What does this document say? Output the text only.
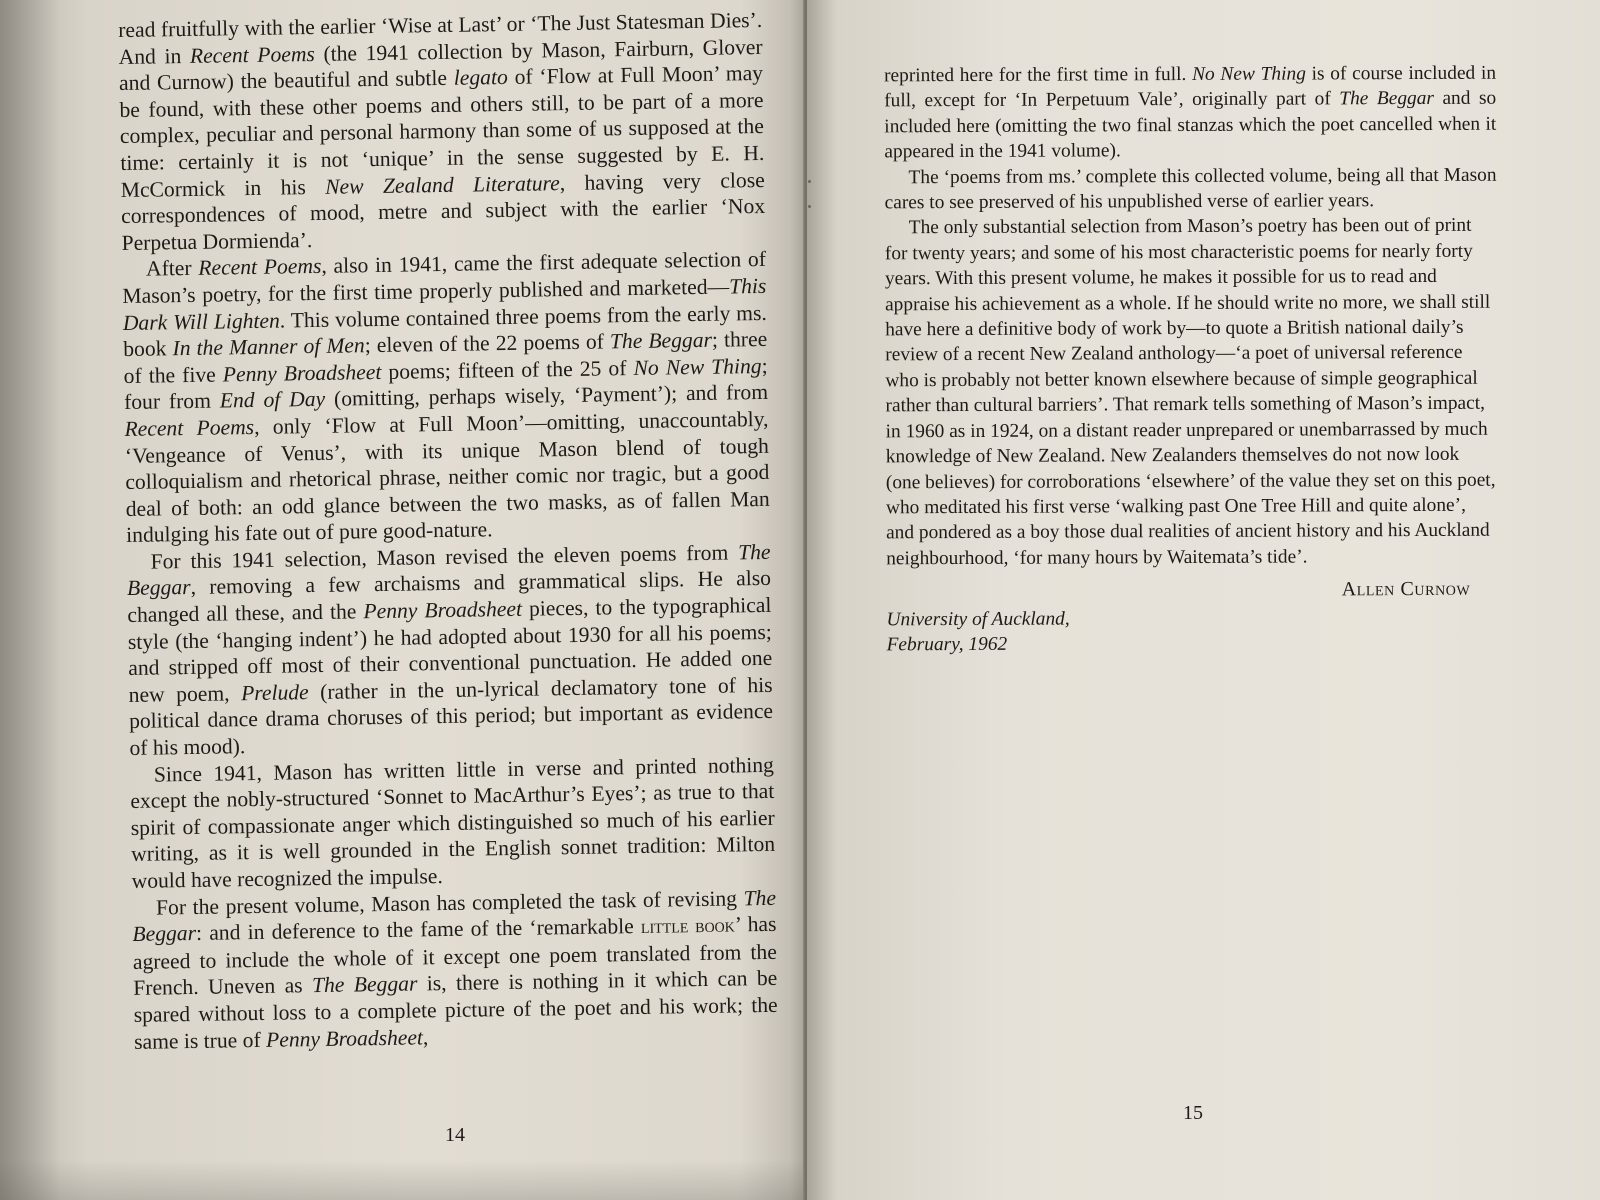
read fruitfully with the earlier ‘Wise at Last’ or ‘The Just Statesman Dies’. And in Recent Poems (the 1941 collection by Mason, Fairburn, Glover and Curnow) the beautiful and subtle legato of ‘Flow at Full Moon’ may be found, with these other poems and others still, to be part of a more complex, peculiar and personal harmony than some of us supposed at the time: certainly it is not ‘unique’ in the sense suggested by E. H. McCormick in his New Zealand Literature, having very close correspondences of mood, metre and subject with the earlier ‘Nox Perpetua Dormienda’.

After Recent Poems, also in 1941, came the first adequate selection of Mason’s poetry, for the first time properly published and marketed—This Dark Will Lighten. This volume contained three poems from the early ms. book In the Manner of Men; eleven of the 22 poems of The Beggar; three of the five Penny Broadsheet poems; fifteen of the 25 of No New Thing; four from End of Day (omitting, perhaps wisely, ‘Payment’); and from Recent Poems, only ‘Flow at Full Moon’—omitting, unaccountably, ‘Vengeance of Venus’, with its unique Mason blend of tough colloquialism and rhetorical phrase, neither comic nor tragic, but a good deal of both: an odd glance between the two masks, as of fallen Man indulging his fate out of pure good-nature.

For this 1941 selection, Mason revised the eleven poems from The Beggar, removing a few archaisms and grammatical slips. He also changed all these, and the Penny Broadsheet pieces, to the typographical style (the ‘hanging indent’) he had adopted about 1930 for all his poems; and stripped off most of their conventional punctuation. He added one new poem, Prelude (rather in the un-lyrical declamatory tone of his political dance drama choruses of this period; but important as evidence of his mood).

Since 1941, Mason has written little in verse and printed nothing except the nobly-structured ‘Sonnet to MacArthur’s Eyes’; as true to that spirit of compassionate anger which distinguished so much of his earlier writing, as it is well grounded in the English sonnet tradition: Milton would have recognized the impulse.

For the present volume, Mason has completed the task of revising The Beggar: and in deference to the fame of the ‘remarkable little book’ has agreed to include the whole of it except one poem translated from the French. Uneven as The Beggar is, there is nothing in it which can be spared without loss to a complete picture of the poet and his work; the same is true of Penny Broadsheet,

14

reprinted here for the first time in full. No New Thing is of course included in full, except for ‘In Perpetuum Vale’, originally part of The Beggar and so included here (omitting the two final stanzas which the poet cancelled when it appeared in the 1941 volume).

The ‘poems from ms.’ complete this collected volume, being all that Mason cares to see preserved of his unpublished verse of earlier years.

The only substantial selection from Mason’s poetry has been out of print for twenty years; and some of his most characteristic poems for nearly forty years. With this present volume, he makes it possible for us to read and appraise his achievement as a whole. If he should write no more, we shall still have here a definitive body of work by—to quote a British national daily’s review of a recent New Zealand anthology—‘a poet of universal reference who is probably not better known elsewhere because of simple geographical rather than cultural barriers’. That remark tells something of Mason’s impact, in 1960 as in 1924, on a distant reader unprepared or unembarrassed by much knowledge of New Zealand. New Zealanders themselves do not now look (one believes) for corroborations ‘elsewhere’ of the value they set on this poet, who meditated his first verse ‘walking past One Tree Hill and quite alone’, and pondered as a boy those dual realities of ancient history and his Auckland neighbourhood, ‘for many hours by Waitemata’s tide’.

Allen Curnow
University of Auckland,
February, 1962
15
